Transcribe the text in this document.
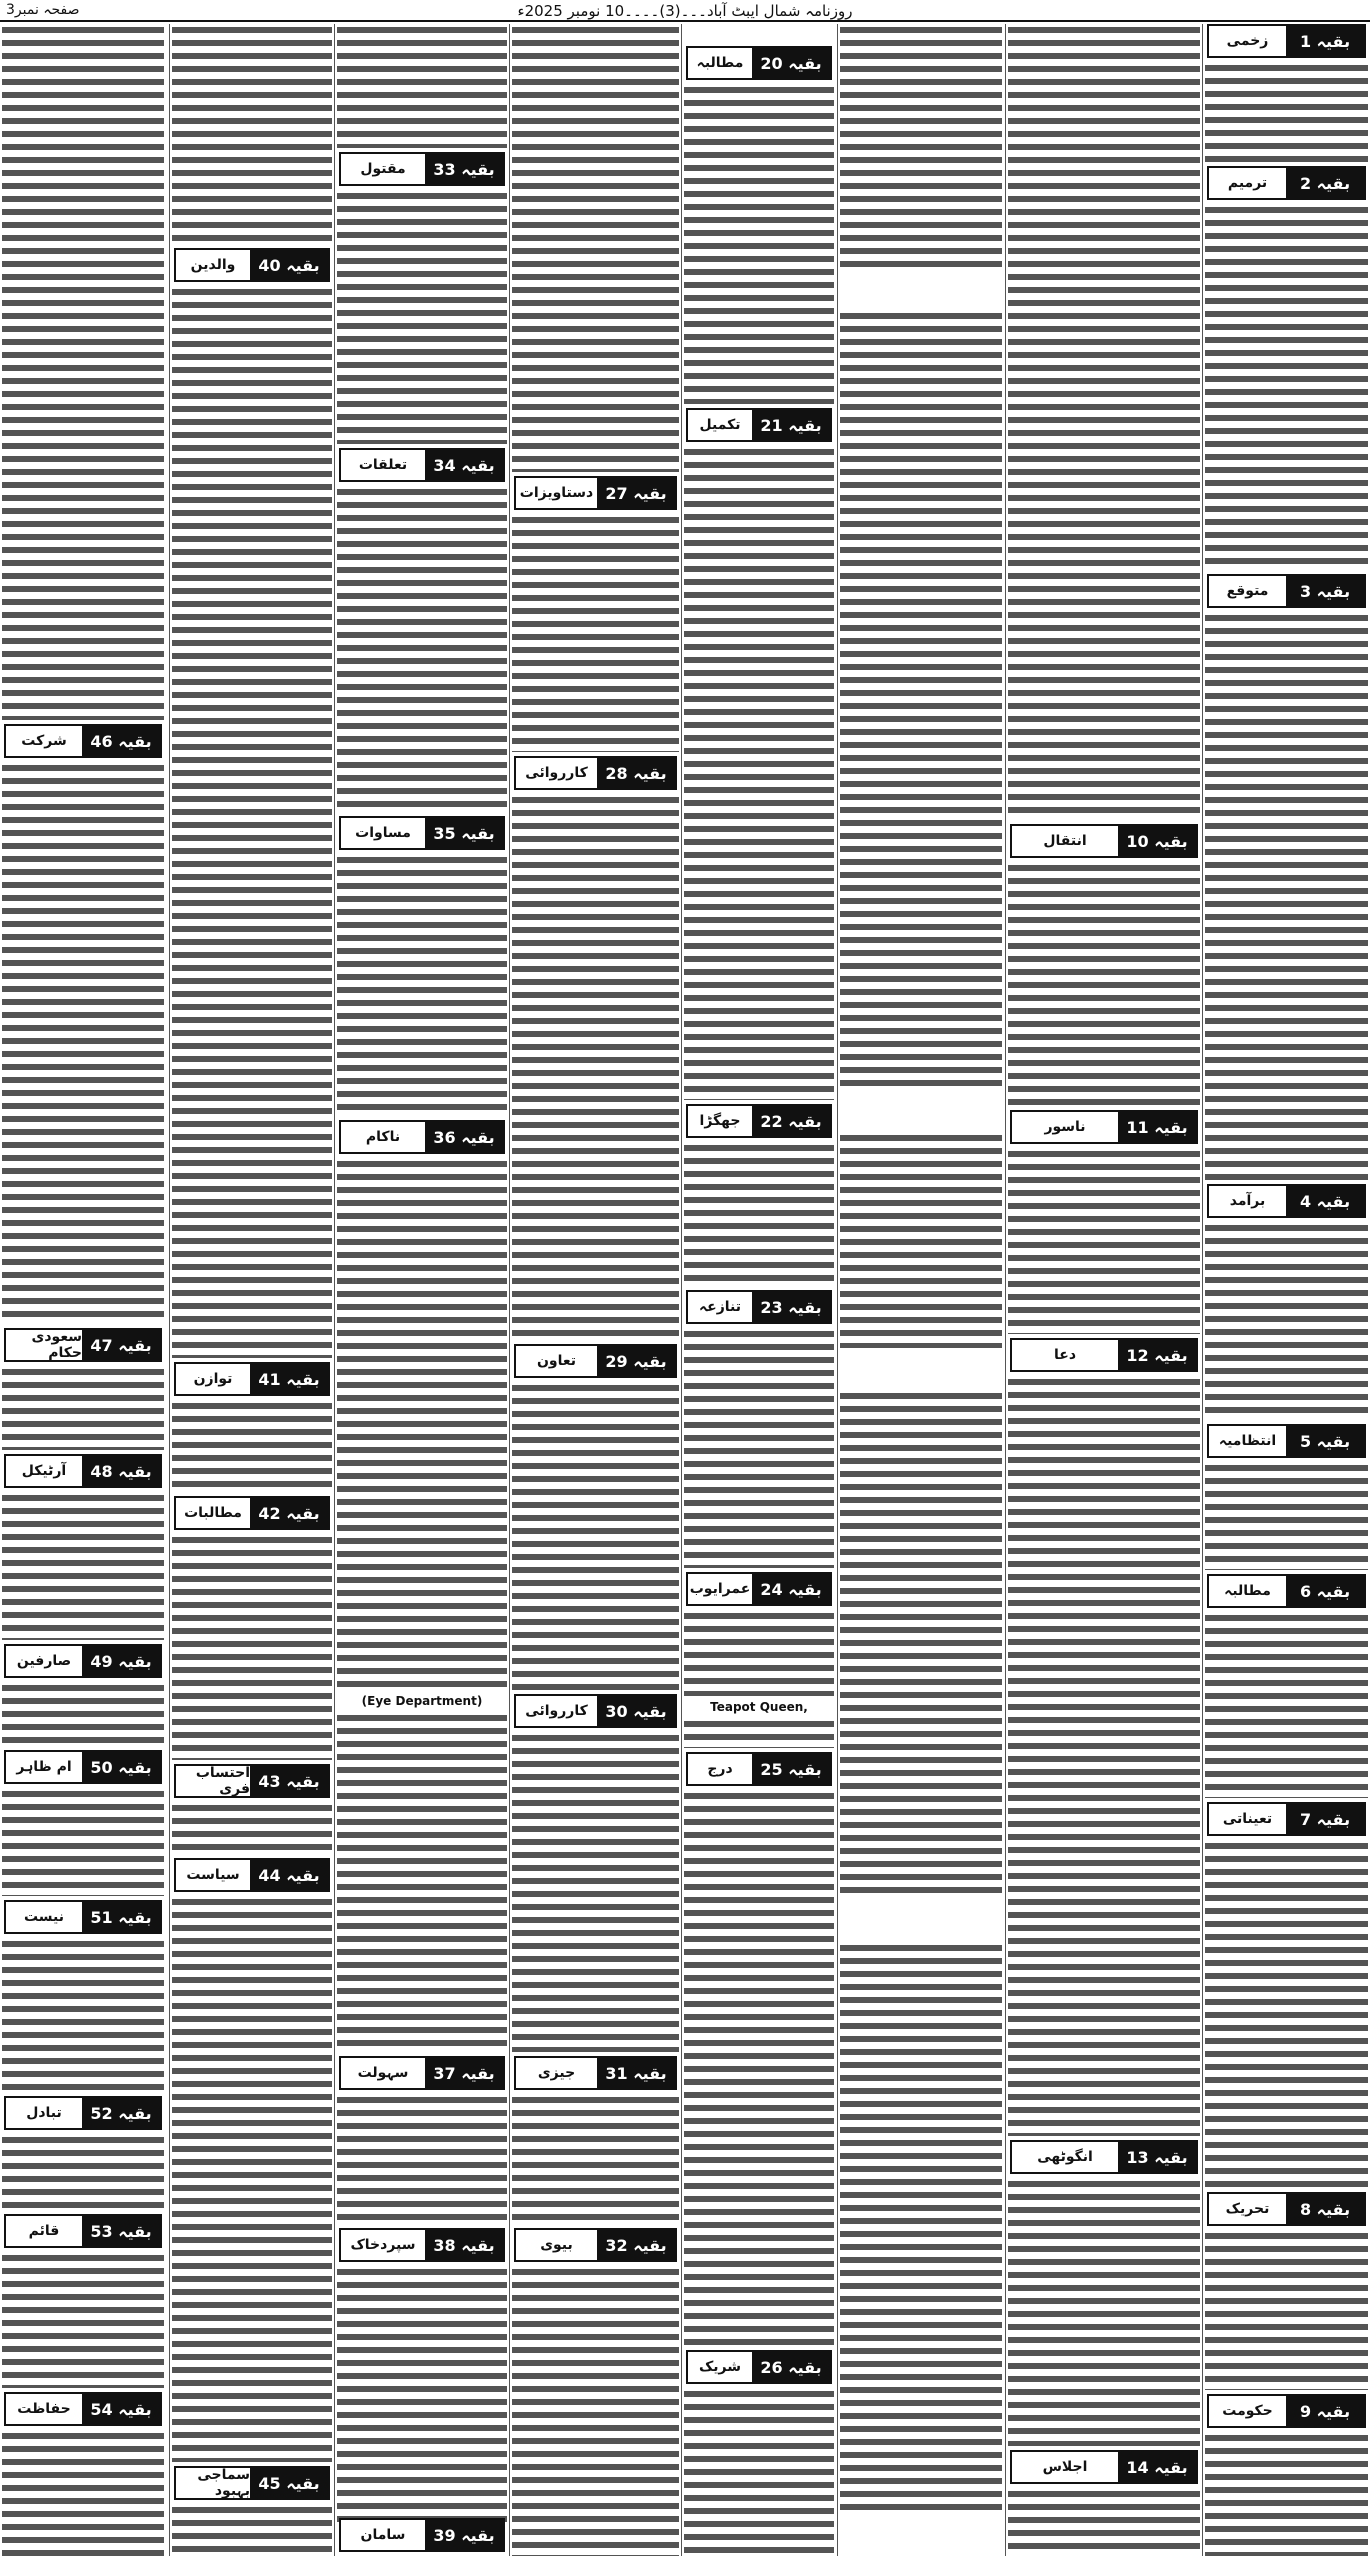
روزنامہ شمال ایبٹ آباد۔۔۔(3)۔۔۔۔10 نومبر 2025ء
صفحہ نمبر3
زخمی	بقیہ 1
ترمیم	بقیہ 2
متوقع	بقیہ 3
برآمد	بقیہ 4
انتظامیہ	بقیہ 5
مطالبہ	بقیہ 6
تعیناتی	بقیہ 7
تحریک	بقیہ 8
حکومت	بقیہ 9
انتقال	بقیہ 10
ناسور	بقیہ 11
دعا	بقیہ 12
انگوٹھی	بقیہ 13
اجلاس	بقیہ 14
مطالبہ	بقیہ 20
تکمیل	بقیہ 21
جھگڑا	بقیہ 22
تنازعہ	بقیہ 23
عمرایوب بقیہ 24
Teapot Queen,
درج	بقیہ 25
شریک	بقیہ 26
دستاویزات بقیہ 27
کارروائی	بقیہ 28
تعاون	بقیہ 29
کارروائی	بقیہ 30
جیزی	بقیہ 31
بیوی	بقیہ 32
مقتول	بقیہ 33
تعلقات	بقیہ 34
مساوات	بقیہ 35
ناکام	بقیہ 36
(Eye Department)
سہولت	بقیہ 37
سپردخاک	بقیہ 38
سامان	بقیہ 39
والدین	بقیہ 40
توازن	بقیہ 41
مطالبات	بقیہ 42
احتساب فری بقیہ 43
سیاست	بقیہ 44
سماجی بہبود بقیہ 45
شرکت	بقیہ 46
سعودی حکام بقیہ 47
آرٹیکل	بقیہ 48
صارفین	بقیہ 49
ام ظاہر	بقیہ 50
نیست	بقیہ 51
تبادل	بقیہ 52
قائم	بقیہ 53
حفاظت	بقیہ 54
